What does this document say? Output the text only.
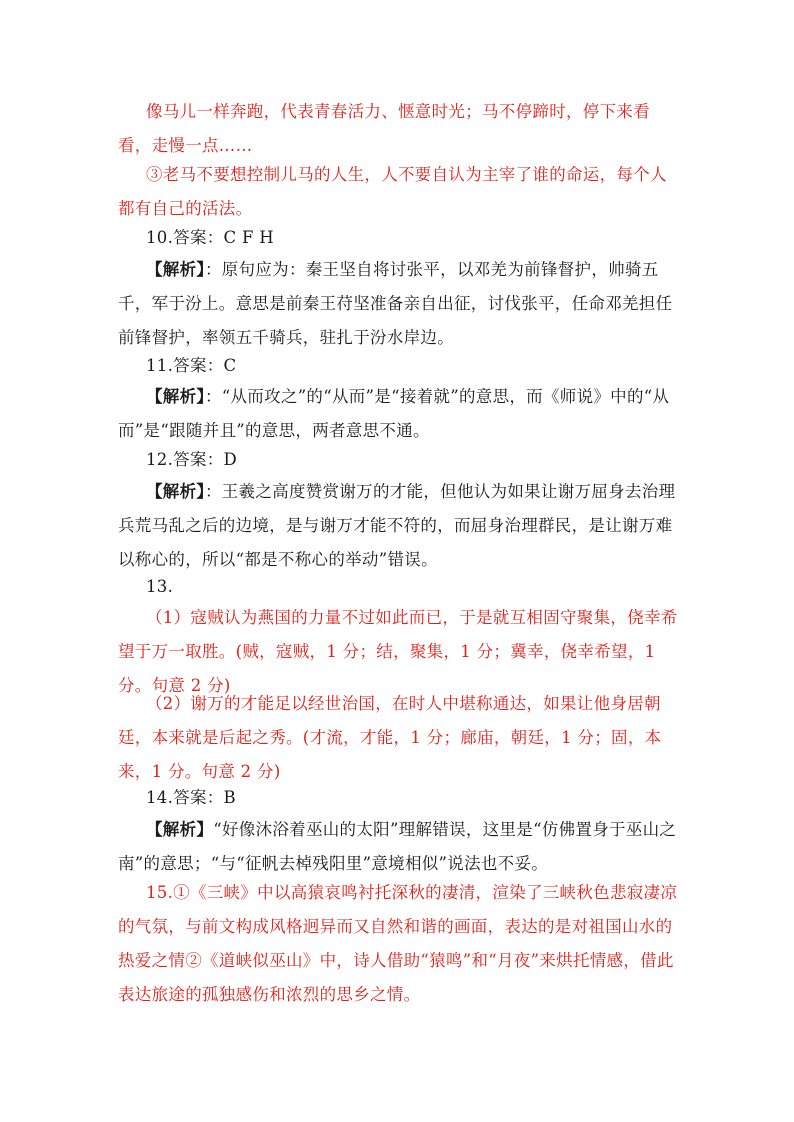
像马儿一样奔跑，代表青春活力、惬意时光；马不停蹄时，停下来看看，走慢一点……

③老马不要想控制儿马的人生，人不要自认为主宰了谁的命运，每个人都有自己的活法。

10.答案：C F H

【解析】：原句应为：秦王坚自将讨张平，以邓羌为前锋督护，帅骑五千，军于汾上。意思是前秦王苻坚准备亲自出征，讨伐张平，任命邓羌担任前锋督护，率领五千骑兵，驻扎于汾水岸边。

11.答案：C

【解析】：“从而攻之”的“从而”是“接着就”的意思，而《师说》中的“从而”是“跟随并且”的意思，两者意思不通。

12.答案：D

【解析】：王羲之高度赞赏谢万的才能，但他认为如果让谢万屈身去治理兵荒马乱之后的边境，是与谢万才能不符的，而屈身治理群民，是让谢万难以称心的，所以“都是不称心的举动”错误。

13.

（1）寇贼认为燕国的力量不过如此而已，于是就互相固守聚集，侥幸希望于万一取胜。(贼，寇贼，1 分；结，聚集，1 分；冀幸，侥幸希望，1 分。句意 2 分)

（2）谢万的才能足以经世治国，在时人中堪称通达，如果让他身居朝廷，本来就是后起之秀。(才流，才能，1 分；廊庙，朝廷，1 分；固，本来，1 分。句意 2 分)

14.答案：B

【解析】“好像沐浴着巫山的太阳”理解错误，这里是“仿佛置身于巫山之南”的意思；“与“征帆去棹残阳里”意境相似”说法也不妥。

15.①《三峡》中以高猿哀鸣衬托深秋的凄清，渲染了三峡秋色悲寂凄凉的气氛，与前文构成风格迥异而又自然和谐的画面，表达的是对祖国山水的热爱之情②《道峡似巫山》中，诗人借助“猿鸣”和“月夜”来烘托情感，借此表达旅途的孤独感伤和浓烈的思乡之情。
